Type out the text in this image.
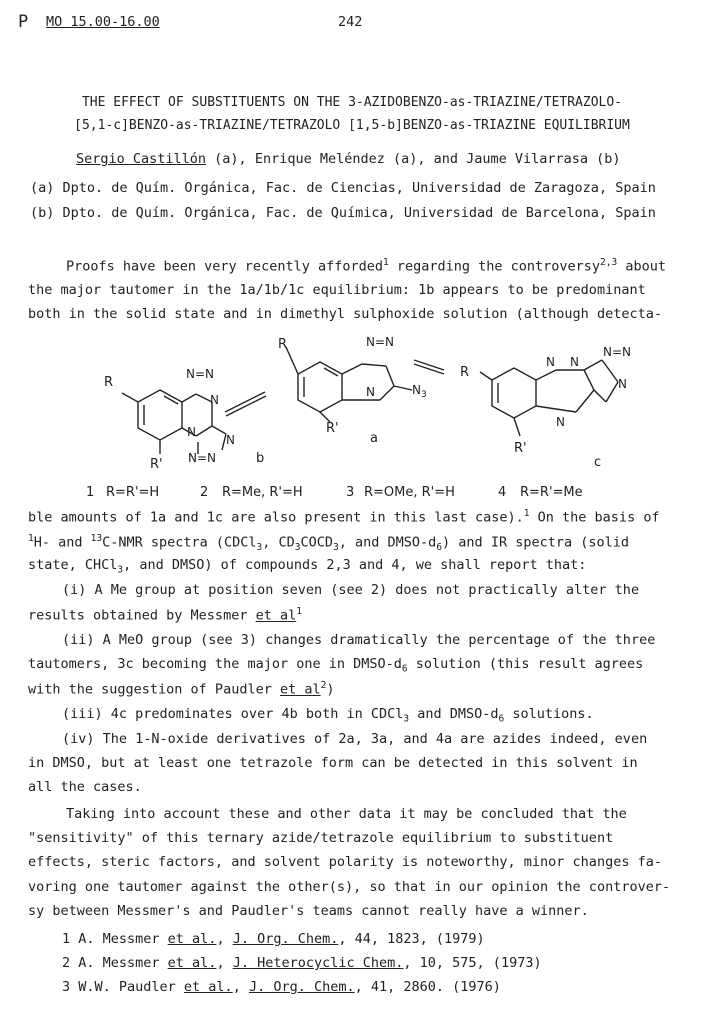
P MO 15.00-16.00	242
THE EFFECT OF SUBSTITUENTS ON THE 3-AZIDOBENZO-as-TRIAZINE/TETRAZOLO-
[5,1-c]BENZO-as-TRIAZINE/TETRAZOLO [1,5-b]BENZO-as-TRIAZINE EQUILIBRIUM
Sergio Castillón (a), Enrique Meléndez (a), and Jaume Vilarrasa (b)
(a) Dpto. de Quím. Orgánica, Fac. de Ciencias, Universidad de Zaragoza, Spain
(b) Dpto. de Quím. Orgánica, Fac. de Química, Universidad de Barcelona, Spain
Proofs have been very recently afforded$^1$ regarding the controversy$^{2,3}$ about
the major tautomer in the 1a/1b/1c equilibrium: 1b appears to be predominant
both in the solid state and in dimethyl sulphoxide solution (although detecta-
R
N=N
N
N
N
N=N
R'	b
R	N=N
N	$N_3$
R'
a
R
N N
N=N
N
N
R'
c
1 R=R'=H	2 R=Me, R'=H	3 R=OMe, R'=H	4 R=R'=Me
ble amounts of 1a and 1c are also present in this last case).$^1$ On the basis of
$^1$H- and $^{13}$C-NMR spectra (CDCl$_3$, $CD_3COCD_3$, and DMSO-$d_6$) and IR spectra (solid
state, CHCl$_3$, and DMSO) of compounds 2,3 and 4, we shall report that:
(i) A Me group at position seven (see 2) does not practically alter the
results obtained by Messmer et $al^1$
(ii) A MeO group (see 3) changes dramatically the percentage of the three
tautomers, 3c becoming the major one in DMSO-$d_6$ solution (this result agrees
with the suggestion of Paudler et $al^2$)
(iii) 4c predominates over 4b both in CDCl$_3$ and DMSO-$d_6$ solutions.
(iv) The 1-N-oxide derivatives of 2a, 3a, and 4a are azides indeed, even
in DMSO, but at least one tetrazole form can be detected in this solvent in
all the cases.
Taking into account these and other data it may be concluded that the
"sensitivity" of this ternary azide/tetrazole equilibrium to substituent
effects, steric factors, and solvent polarity is noteworthy, minor changes fa-
voring one tautomer against the other(s), so that in our opinion the controver-
sy between Messmer's and Paudler's teams cannot really have a winner.
1 A. Messmer et al., J. Org. Chem., 44, 1823, (1979)
2 A. Messmer et al., J. Heterocyclic Chem., 10, 575, (1973)
3 W.W. Paudler et al., J. Org. Chem., 41, 2860. (1976)
